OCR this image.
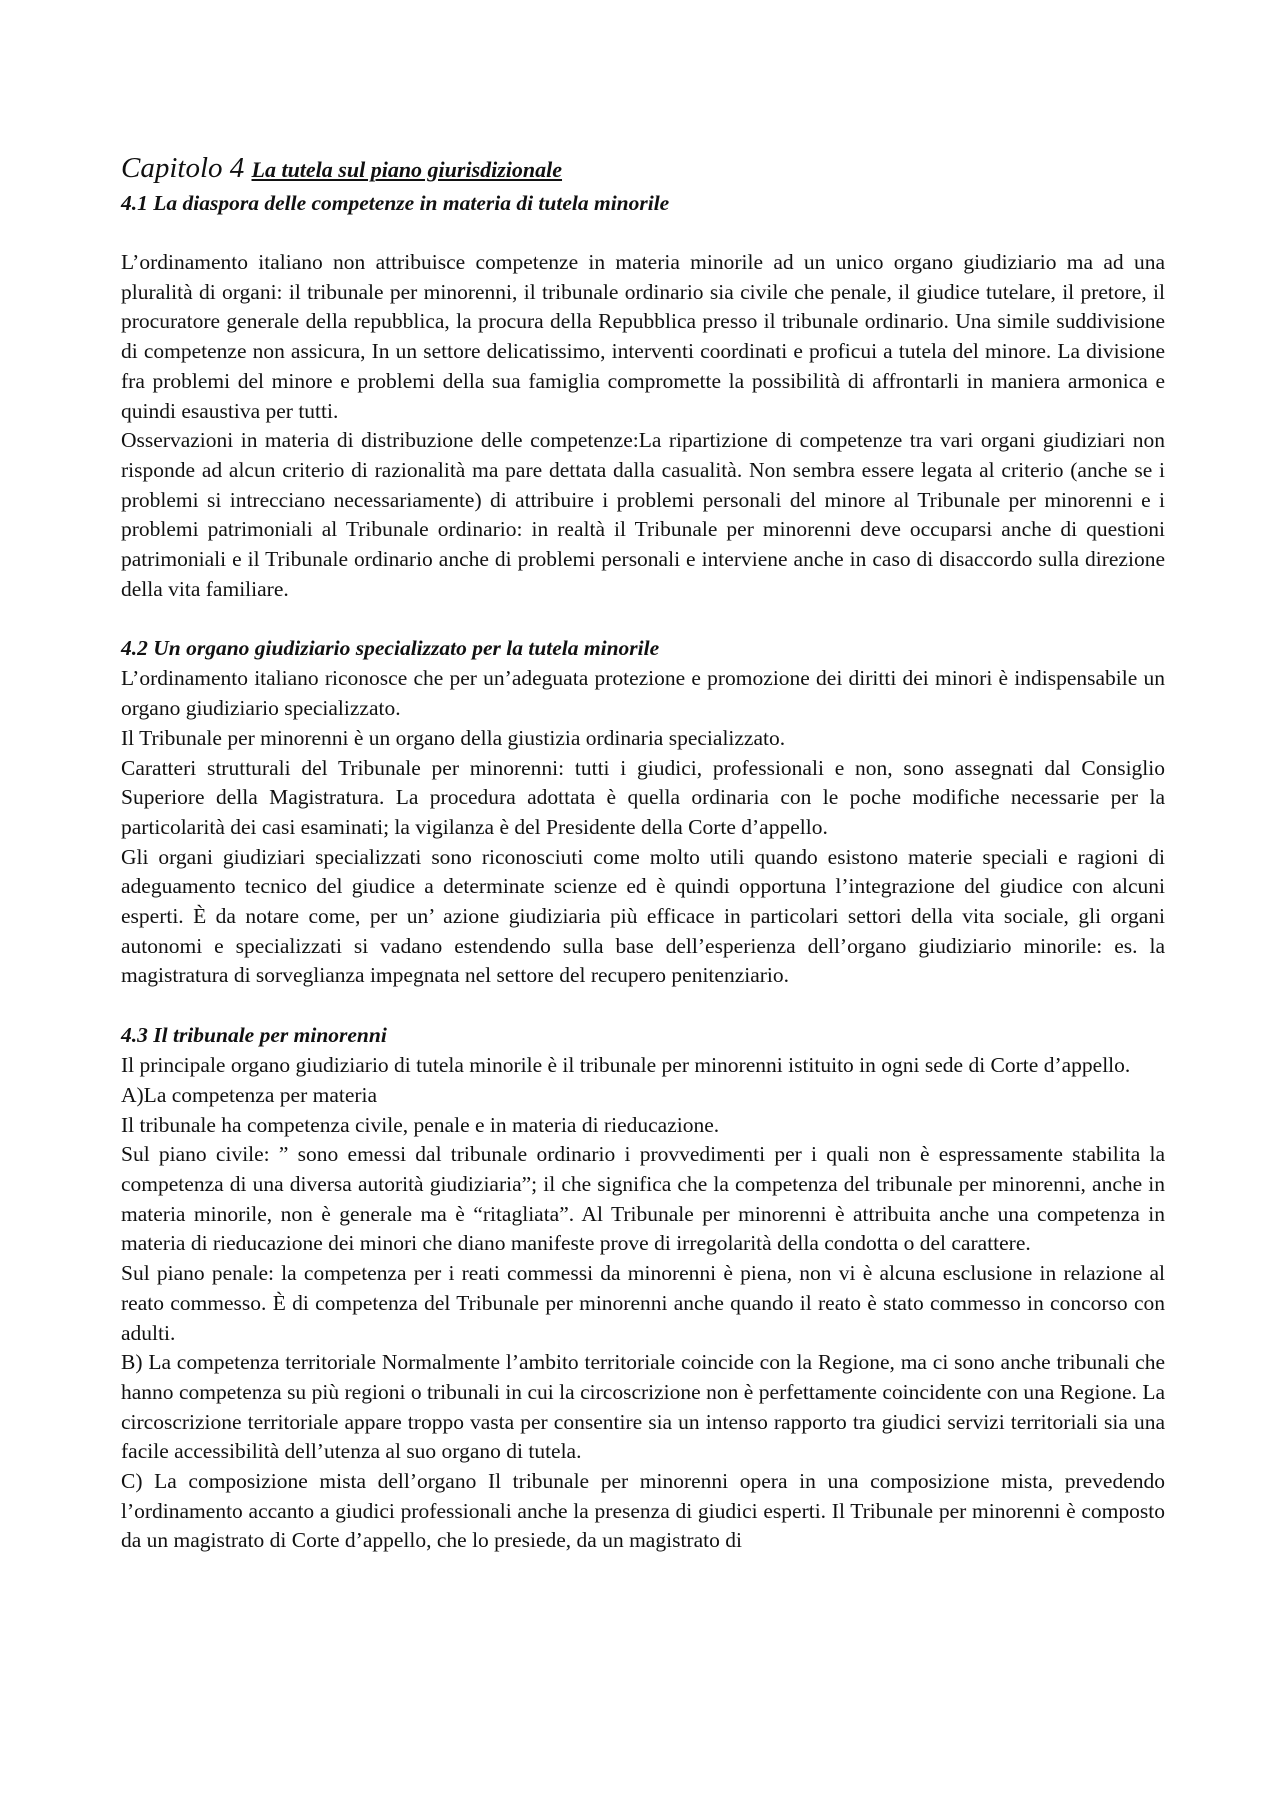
Capitolo 4 La tutela sul piano giurisdizionale
4.1 La diaspora delle competenze in materia di tutela minorile

L’ordinamento italiano non attribuisce competenze in materia minorile ad un unico organo giudiziario ma ad una pluralità di organi: il tribunale per minorenni, il tribunale ordinario sia civile che penale, il giudice tutelare, il pretore, il procuratore generale della repubblica, la procura della Repubblica presso il tribunale ordinario. Una simile suddivisione di competenze non assicura, In un settore delicatissimo, interventi coordinati e proficui a tutela del minore. La divisione fra problemi del minore e problemi della sua famiglia compromette la possibilità di affrontarli in maniera armonica e quindi esaustiva per tutti.

Osservazioni in materia di distribuzione delle competenze:La ripartizione di competenze tra vari organi giudiziari non risponde ad alcun criterio di razionalità ma pare dettata dalla casualità. Non sembra essere legata al criterio (anche se i problemi si intrecciano necessariamente) di attribuire i problemi personali del minore al Tribunale per minorenni e i problemi patrimoniali al Tribunale ordinario: in realtà il Tribunale per minorenni deve occuparsi anche di questioni patrimoniali e il Tribunale ordinario anche di problemi personali e interviene anche in caso di disaccordo sulla direzione della vita familiare.

4.2 Un organo giudiziario specializzato per la tutela minorile

L’ordinamento italiano riconosce che per un’adeguata protezione e promozione dei diritti dei minori è indispensabile un organo giudiziario specializzato.

Il Tribunale per minorenni è un organo della giustizia ordinaria specializzato.

Caratteri strutturali del Tribunale per minorenni: tutti i giudici, professionali e non, sono assegnati dal Consiglio Superiore della Magistratura. La procedura adottata è quella ordinaria con le poche modifiche necessarie per la particolarità dei casi esaminati; la vigilanza è del Presidente della Corte d’appello.

Gli organi giudiziari specializzati sono riconosciuti come molto utili quando esistono materie speciali e ragioni di adeguamento tecnico del giudice a determinate scienze ed è quindi opportuna l’integrazione del giudice con alcuni esperti. È da notare come, per un’ azione giudiziaria più efficace in particolari settori della vita sociale, gli organi autonomi e specializzati si vadano estendendo sulla base dell’esperienza dell’organo giudiziario minorile: es. la magistratura di sorveglianza impegnata nel settore del recupero penitenziario.

4.3 Il tribunale per minorenni

Il principale organo giudiziario di tutela minorile è il tribunale per minorenni istituito in ogni sede di Corte d’appello.

A)La competenza per materia

Il tribunale ha competenza civile, penale e in materia di rieducazione.

Sul piano civile: ” sono emessi dal tribunale ordinario i provvedimenti per i quali non è espressamente stabilita la competenza di una diversa autorità giudiziaria”; il che significa che la competenza del tribunale per minorenni, anche in materia minorile, non è generale ma è “ritagliata”. Al Tribunale per minorenni è attribuita anche una competenza in materia di rieducazione dei minori che diano manifeste prove di irregolarità della condotta o del carattere.

Sul piano penale: la competenza per i reati commessi da minorenni è piena, non vi è alcuna esclusione in relazione al reato commesso. È di competenza del Tribunale per minorenni anche quando il reato è stato commesso in concorso con adulti.

B) La competenza territoriale Normalmente l’ambito territoriale coincide con la Regione, ma ci sono anche tribunali che hanno competenza su più regioni o tribunali in cui la circoscrizione non è perfettamente coincidente con una Regione. La circoscrizione territoriale appare troppo vasta per consentire sia un intenso rapporto tra giudici servizi territoriali sia una facile accessibilità dell’utenza al suo organo di tutela.

C) La composizione mista dell’organo Il tribunale per minorenni opera in una composizione mista, prevedendo l’ordinamento accanto a giudici professionali anche la presenza di giudici esperti. Il Tribunale per minorenni è composto da un magistrato di Corte d’appello, che lo presiede, da un magistrato di
